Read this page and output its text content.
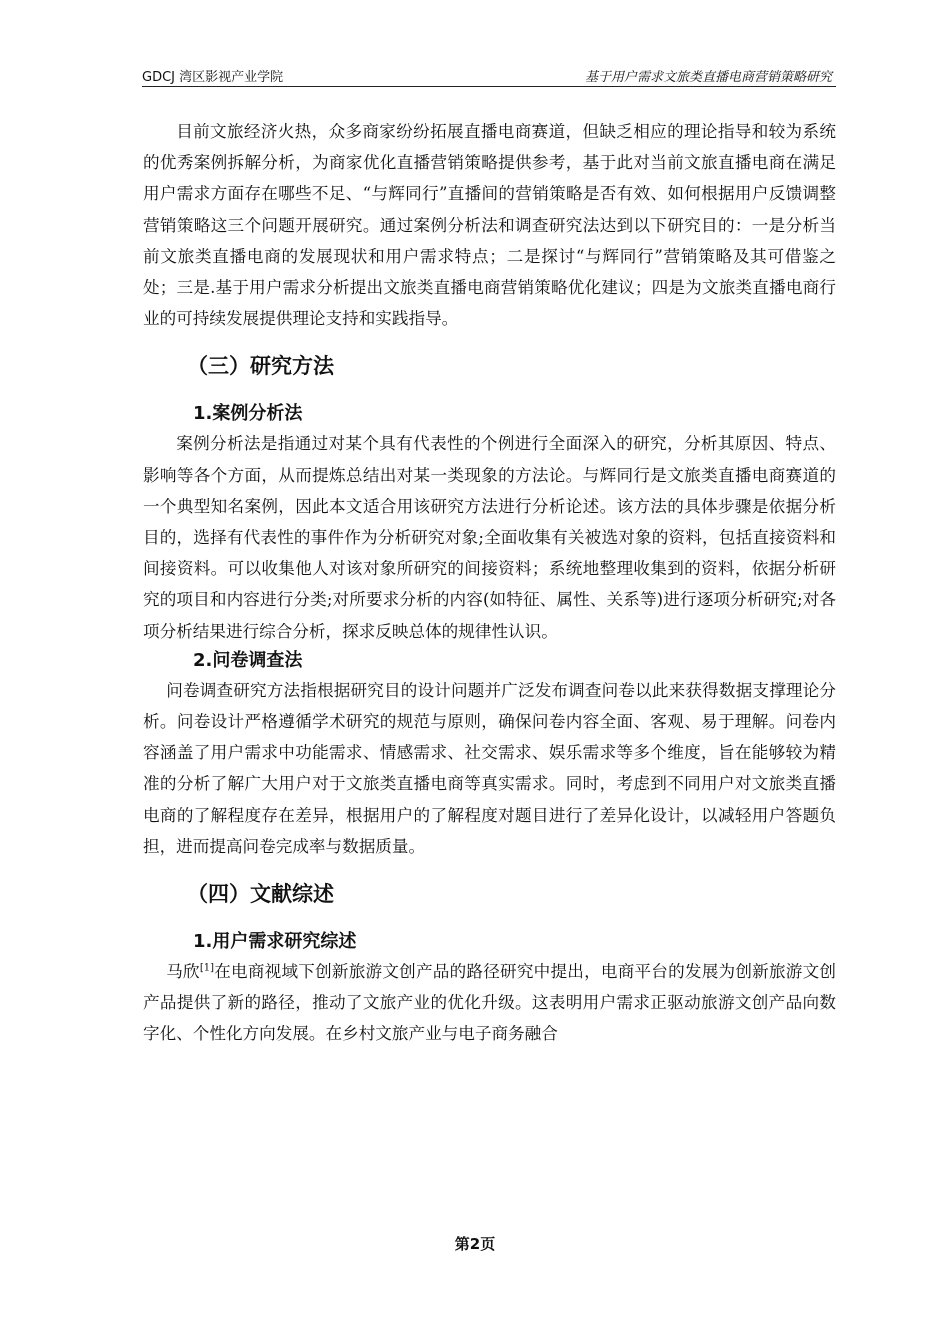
GDCJ 湾区影视产业学院	基于用户需求文旅类直播电商营销策略研究

目前文旅经济火热，众多商家纷纷拓展直播电商赛道，但缺乏相应的理论指导和较为系统的优秀案例拆解分析，为商家优化直播营销策略提供参考，基于此对当前文旅直播电商在满足用户需求方面存在哪些不足、“与辉同行”直播间的营销策略是否有效、如何根据用户反馈调整营销策略这三个问题开展研究。通过案例分析法和调查研究法达到以下研究目的：一是分析当前文旅类直播电商的发展现状和用户需求特点；二是探讨“与辉同行”营销策略及其可借鉴之处；三是.基于用户需求分析提出文旅类直播电商营销策略优化建议；四是为文旅类直播电商行业的可持续发展提供理论支持和实践指导。

（三）研究方法
1.案例分析法

案例分析法是指通过对某个具有代表性的个例进行全面深入的研究，分析其原因、特点、影响等各个方面，从而提炼总结出对某一类现象的方法论。与辉同行是文旅类直播电商赛道的一个典型知名案例，因此本文适合用该研究方法进行分析论述。该方法的具体步骤是依据分析目的，选择有代表性的事件作为分析研究对象;全面收集有关被选对象的资料，包括直接资料和间接资料。可以收集他人对该对象所研究的间接资料；系统地整理收集到的资料，依据分析研究的项目和内容进行分类;对所要求分析的内容(如特征、属性、关系等)进行逐项分析研究;对各项分析结果进行综合分析，探求反映总体的规律性认识。

2.问卷调查法

问卷调查研究方法指根据研究目的设计问题并广泛发布调查问卷以此来获得数据支撑理论分析。问卷设计严格遵循学术研究的规范与原则，确保问卷内容全面、客观、易于理解。问卷内容涵盖了用户需求中功能需求、情感需求、社交需求、娱乐需求等多个维度，旨在能够较为精准的分析了解广大用户对于文旅类直播电商等真实需求。同时，考虑到不同用户对文旅类直播电商的了解程度存在差异，根据用户的了解程度对题目进行了差异化设计，以减轻用户答题负担，进而提高问卷完成率与数据质量。

（四）文献综述
1.用户需求研究综述

马欣[1]在电商视域下创新旅游文创产品的路径研究中提出，电商平台的发展为创新旅游文创产品提供了新的路径，推动了文旅产业的优化升级。这表明用户需求正驱动旅游文创产品向数字化、个性化方向发展。在乡村文旅产业与电子商务融合

第2页
